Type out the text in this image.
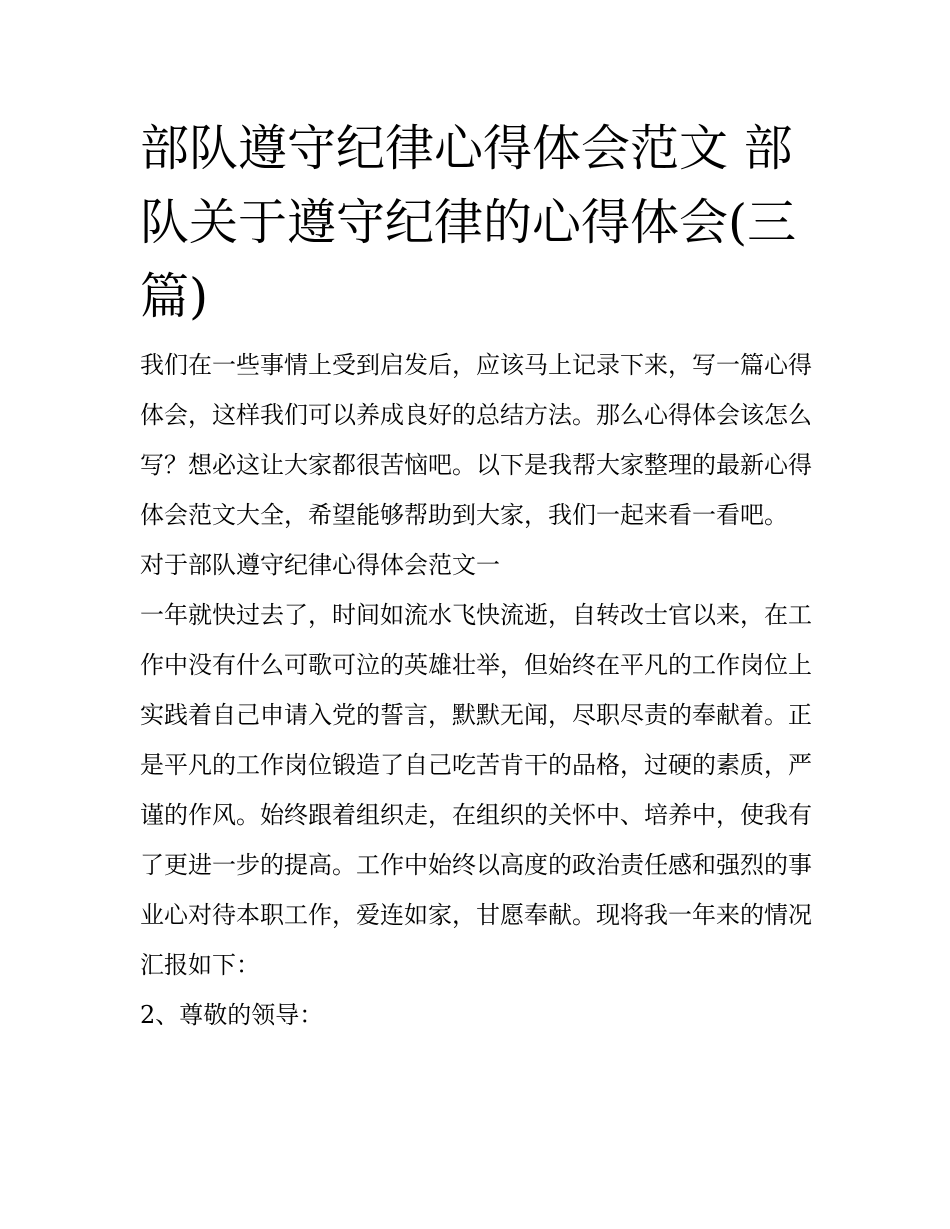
部队遵守纪律心得体会范文 部队关于遵守纪律的心得体会(三篇)

我们在一些事情上受到启发后，应该马上记录下来，写一篇心得体会，这样我们可以养成良好的总结方法。那么心得体会该怎么写？想必这让大家都很苦恼吧。以下是我帮大家整理的最新心得体会范文大全，希望能够帮助到大家，我们一起来看一看吧。

对于部队遵守纪律心得体会范文一

一年就快过去了，时间如流水飞快流逝，自转改士官以来，在工作中没有什么可歌可泣的英雄壮举，但始终在平凡的工作岗位上实践着自己申请入党的誓言，默默无闻，尽职尽责的奉献着。正是平凡的工作岗位锻造了自己吃苦肯干的品格，过硬的素质，严谨的作风。始终跟着组织走，在组织的关怀中、培养中，使我有了更进一步的提高。工作中始终以高度的政治责任感和强烈的事业心对待本职工作，爱连如家，甘愿奉献。现将我一年来的情况汇报如下：

2、尊敬的领导：
